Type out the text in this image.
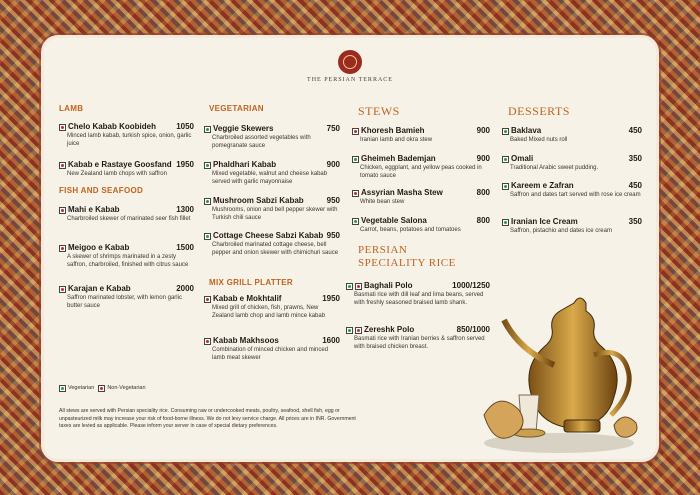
THE PERSIAN TERRACE
LAMB
FISH AND SEAFOOD
VEGETARIAN
MIX GRILL PLATTER
STEWS
PERSIAN SPECIALITY RICE
DESSERTS
Vegetarian Non-Vegetarian
All stews are served with Persian speciality rice. Consuming raw or undercooked meats, poultry, seafood, shell fish, egg or unpasteurized milk may increase your risk of food-borne illness. We do not levy service charge. All prices are in INR. Government taxes are levied as applicable. Please inform your server in case of special dietary preferences.
Chelo Kabab Koobideh	1050
Minced lamb kabab, turkish spice, onion, garlic juice
Kabab e Rastaye Goosfand 1950
New Zealand lamb chops with saffron
Mahi e Kabab	1300
Charbroiled skewer of marinated seer fish fillet
Meigoo e Kabab	1500
A skewer of shrimps marinated in a zesty saffron, charbroiled, finished with citrus sauce
Karajan e Kabab	2000
Saffron marinated lobster, with lemon garlic butter sauce
Veggie Skewers	750
Charbroiled assorted vegetables with pomegranate sauce
Phaldhari Kabab	900
Mixed vegetable, walnut and cheese kabab served with garlic mayonnaise
Mushroom Sabzi Kabab	950
Mushrooms, onion and bell pepper skewer with Turkish chili sauce
Cottage Cheese Sabzi Kabab 950
Charbroiled marinated cottage cheese, bell pepper and onion skewer with chimichuri sauce
Kabab e Mokhtalif	1950
Mixed grill of chicken, fish, prawns, New Zealand lamb chop and lamb mince kabab
Kabab Makhsoos	1600
Combination of minced chicken and minced lamb meat skewer
Khoresh Bamieh	900
Iranian lamb and okra stew
Gheimeh Bademjan	900
Chicken, eggplant, and yellow peas cooked in tomato sauce
Assyrian Masha Stew	800
White bean stew
Vegetable Salona	800
Carrot, beans, potatoes and tomatoes
Baghali Polo	1000/1250
Basmati rice with dill leaf and lima beans, served with freshly seasoned braised lamb shank.
Zereshk Polo	850/1000
Basmati rice with Iranian berries & saffron served with braised chicken breast.
Baklava	450
Baked Mixed nuts roll
Omali	350
Traditional Arabic sweet pudding.
Kareem e Zafran	450
Saffron and dates tart served with rose ice cream
Iranian Ice Cream	350
Saffron, pistachio and dates ice cream
